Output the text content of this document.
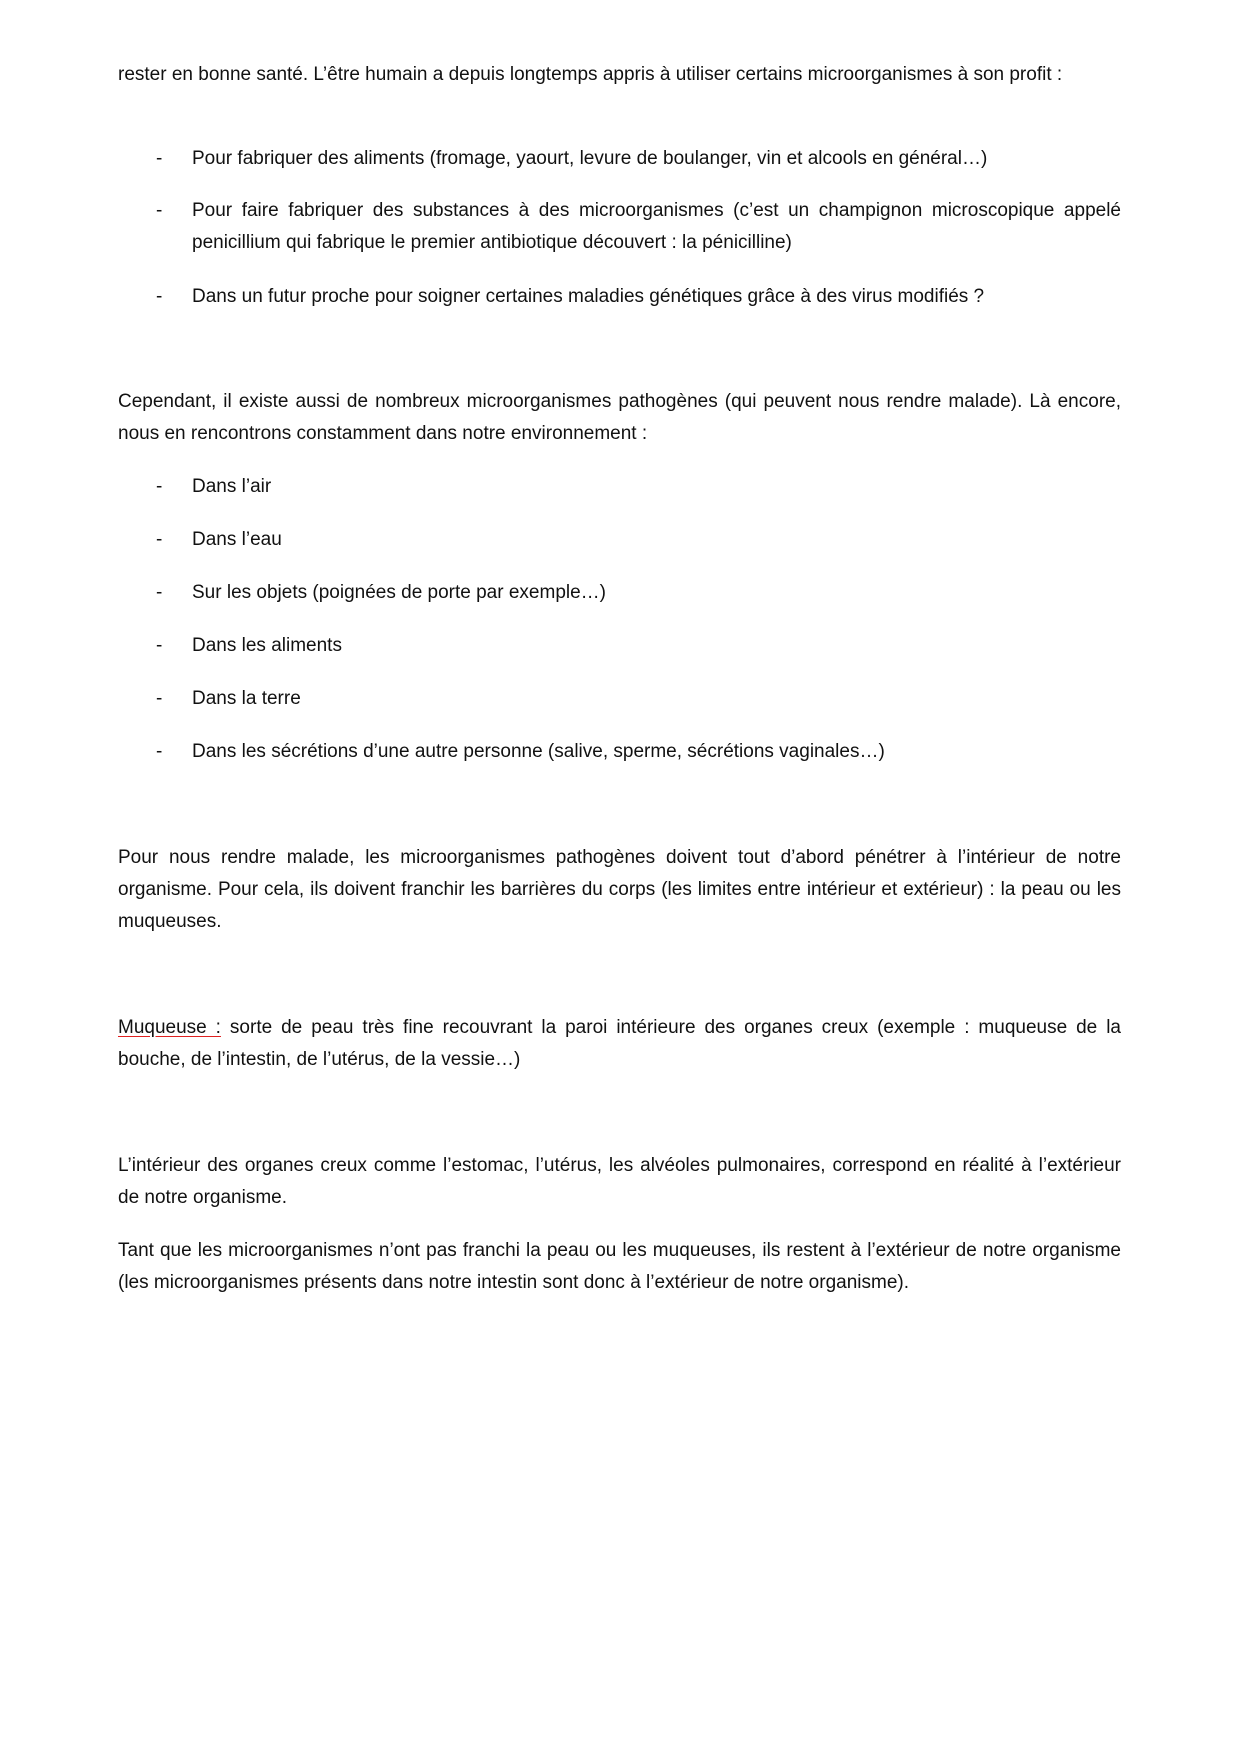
rester en bonne santé. L’être humain a depuis longtemps appris à utiliser certains microorganismes à son profit :
- Pour fabriquer des aliments (fromage, yaourt, levure de boulanger, vin et alcools en général…)
- Pour faire fabriquer des substances à des microorganismes (c’est un champignon microscopique appelé penicillium qui fabrique le premier antibiotique découvert : la pénicilline)
- Dans un futur proche pour soigner certaines maladies génétiques grâce à des virus modifiés ?
Cependant, il existe aussi de nombreux microorganismes pathogènes (qui peuvent nous rendre malade). Là encore, nous en rencontrons constamment dans notre environnement :
- Dans l’air
- Dans l’eau
- Sur les objets (poignées de porte par exemple…)
- Dans les aliments
- Dans la terre
- Dans les sécrétions d’une autre personne (salive, sperme, sécrétions vaginales…)
Pour nous rendre malade, les microorganismes pathogènes doivent tout d’abord pénétrer à l’intérieur de notre organisme. Pour cela, ils doivent franchir les barrières du corps (les limites entre intérieur et extérieur) : la peau ou les muqueuses.
Muqueuse : sorte de peau très fine recouvrant la paroi intérieure des organes creux (exemple : muqueuse de la bouche, de l’intestin, de l’utérus, de la vessie…)
L’intérieur des organes creux comme l’estomac, l’utérus, les alvéoles pulmonaires, correspond en réalité à l’extérieur de notre organisme.
Tant que les microorganismes n’ont pas franchi la peau ou les muqueuses, ils restent à l’extérieur de notre organisme (les microorganismes présents dans notre intestin sont donc à l’extérieur de notre organisme).
